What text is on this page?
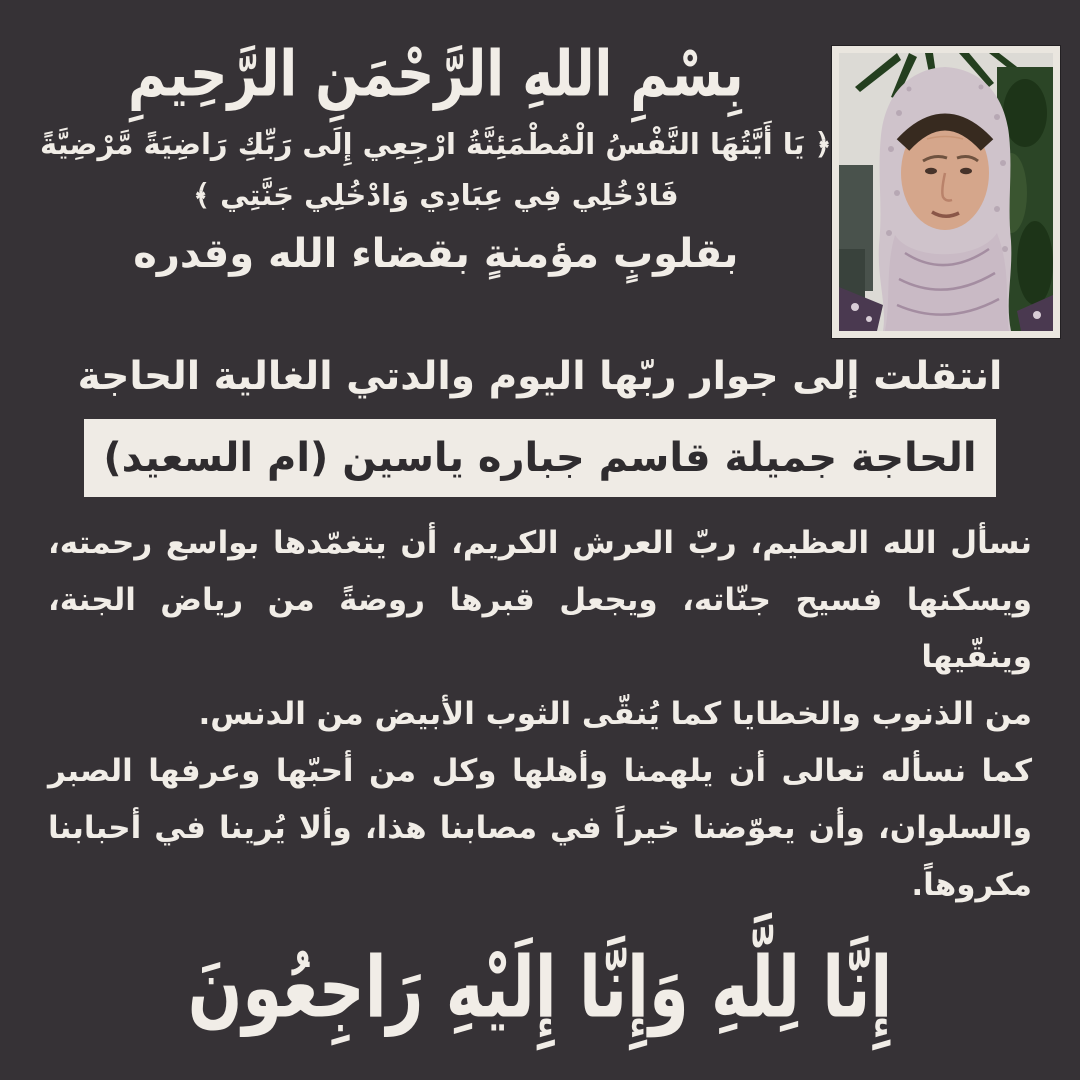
بِسْمِ اللهِ الرَّحْمَنِ الرَّحِيمِ
﴿ يَا أَيَّتُهَا النَّفْسُ الْمُطْمَئِنَّةُ ارْجِعِي إِلَى رَبِّكِ رَاضِيَةً مَّرْضِيَّةً
فَادْخُلِي فِي عِبَادِي وَادْخُلِي جَنَّتِي ﴾
بقلوبٍ مؤمنةٍ بقضاء الله وقدره
انتقلت إلى جوار ربّها اليوم والدتي الغالية الحاجة
الحاجة جميلة قاسم جباره ياسين (ام السعيد)
نسأل الله العظيم، ربّ العرش الكريم، أن يتغمّدها بواسع رحمته،
ويسكنها فسيح جنّاته، ويجعل قبرها روضةً من رياض الجنة، وينقّيها
من الذنوب والخطايا كما يُنقّى الثوب الأبيض من الدنس.
كما نسأله تعالى أن يلهمنا وأهلها وكل من أحبّها وعرفها الصبر
والسلوان، وأن يعوّضنا خيراً في مصابنا هذا، وألا يُرينا في أحبابنا
مكروهاً.
إِنَّا لِلَّهِ وَإِنَّا إِلَيْهِ رَاجِعُونَ
